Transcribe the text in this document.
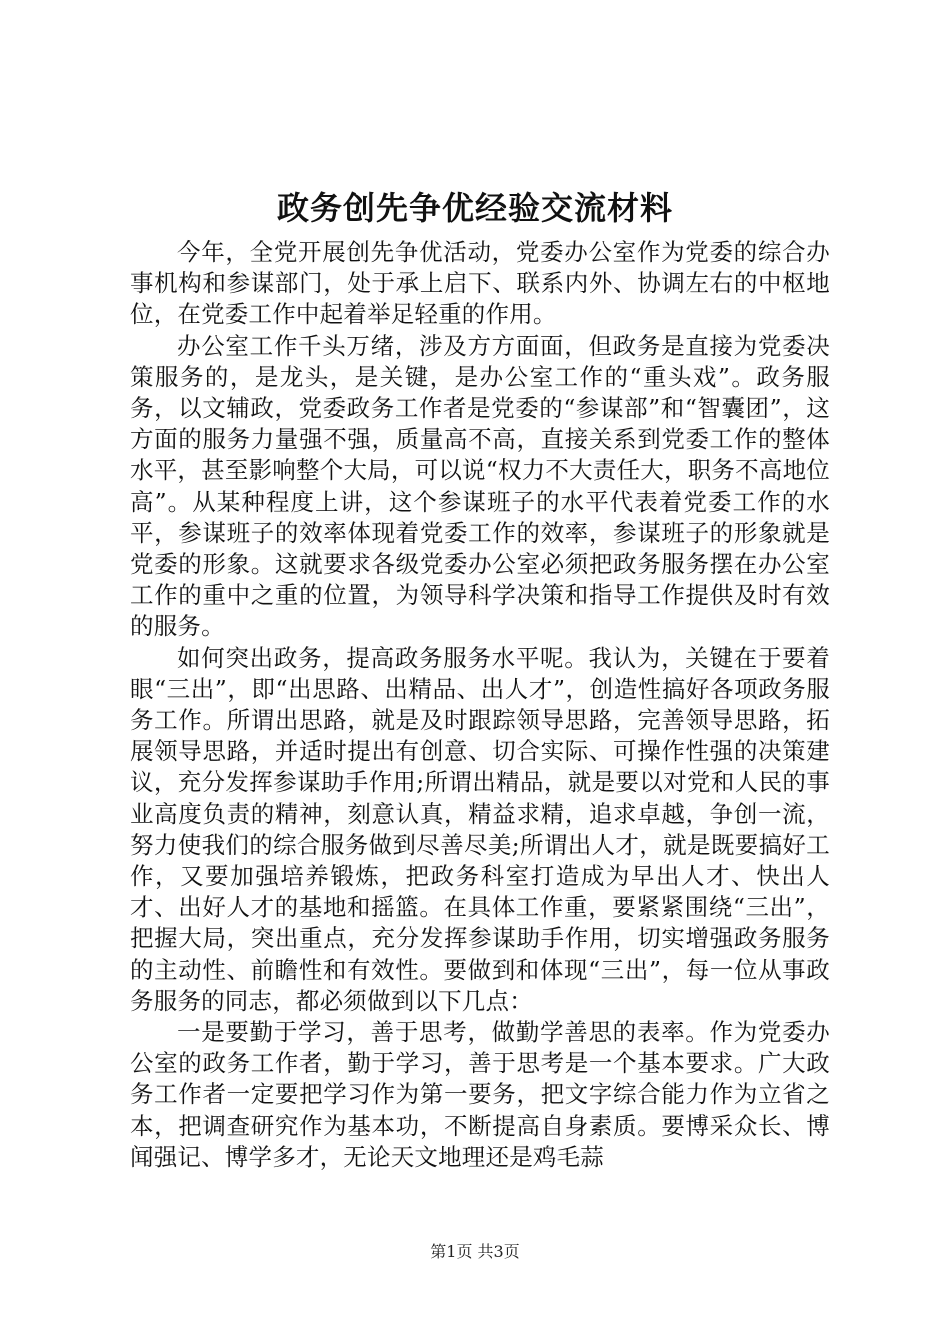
政务创先争优经验交流材料

今年，全党开展创先争优活动，党委办公室作为党委的综合办事机构和参谋部门，处于承上启下、联系内外、协调左右的中枢地位，在党委工作中起着举足轻重的作用。

办公室工作千头万绪，涉及方方面面，但政务是直接为党委决策服务的，是龙头，是关键，是办公室工作的“重头戏”。政务服务，以文辅政，党委政务工作者是党委的“参谋部”和“智囊团”，这方面的服务力量强不强，质量高不高，直接关系到党委工作的整体水平，甚至影响整个大局，可以说“权力不大责任大，职务不高地位高”。从某种程度上讲，这个参谋班子的水平代表着党委工作的水平，参谋班子的效率体现着党委工作的效率，参谋班子的形象就是党委的形象。这就要求各级党委办公室必须把政务服务摆在办公室工作的重中之重的位置，为领导科学决策和指导工作提供及时有效的服务。

如何突出政务，提高政务服务水平呢。我认为，关键在于要着眼“三出”，即“出思路、出精品、出人才”，创造性搞好各项政务服务工作。所谓出思路，就是及时跟踪领导思路，完善领导思路，拓展领导思路，并适时提出有创意、切合实际、可操作性强的决策建议，充分发挥参谋助手作用;所谓出精品，就是要以对党和人民的事业高度负责的精神，刻意认真，精益求精，追求卓越，争创一流，努力使我们的综合服务做到尽善尽美;所谓出人才，就是既要搞好工作，又要加强培养锻炼，把政务科室打造成为早出人才、快出人才、出好人才的基地和摇篮。在具体工作重，要紧紧围绕“三出”，把握大局，突出重点，充分发挥参谋助手作用，切实增强政务服务的主动性、前瞻性和有效性。要做到和体现“三出”，每一位从事政务服务的同志，都必须做到以下几点：

一是要勤于学习，善于思考，做勤学善思的表率。作为党委办公室的政务工作者，勤于学习，善于思考是一个基本要求。广大政务工作者一定要把学习作为第一要务，把文字综合能力作为立省之本，把调查研究作为基本功，不断提高自身素质。要博采众长、博闻强记、博学多才，无论天文地理还是鸡毛蒜

第1页 共3页
